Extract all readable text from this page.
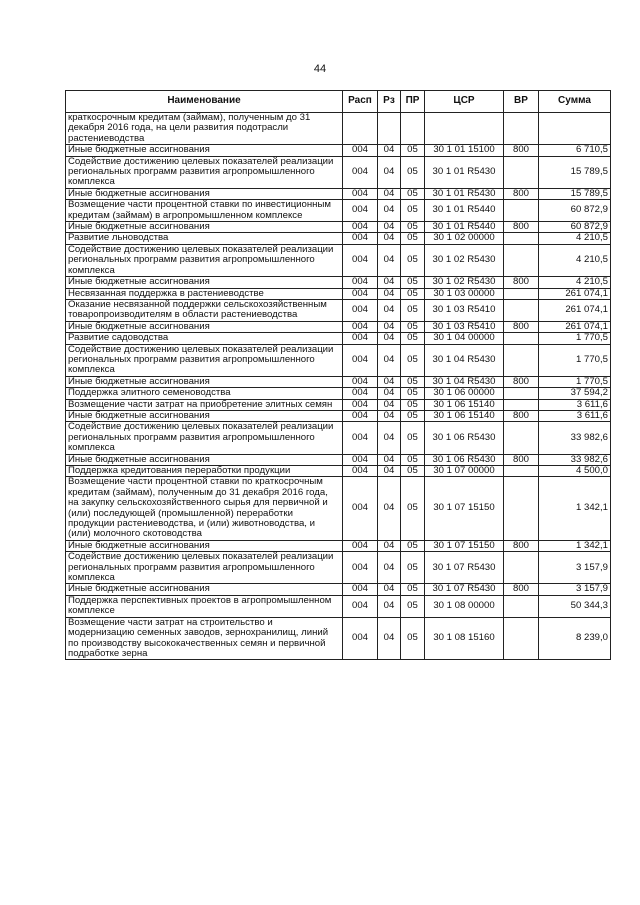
44
Наименование	Расп	Рз	ПР	ЦСР	ВР	Сумма
краткосрочным кредитам (займам), полученным до 31 декабря 2016 года, на цели развития подотрасли растениеводства						
Иные бюджетные ассигнования	004	04	05	30 1 01 15100	800	6 710,5
Содействие достижению целевых показателей реализации региональных программ развития агропромышленного комплекса	004	04	05	30 1 01 R5430		15 789,5
Иные бюджетные ассигнования	004	04	05	30 1 01 R5430	800	15 789,5
Возмещение части процентной ставки по инвестиционным кредитам (займам) в агропромышленном комплексе	004	04	05	30 1 01 R5440		60 872,9
Иные бюджетные ассигнования	004	04	05	30 1 01 R5440	800	60 872,9
Развитие льноводства	004	04	05	30 1 02 00000		4 210,5
Содействие достижению целевых показателей реализации региональных программ развития агропромышленного комплекса	004	04	05	30 1 02 R5430		4 210,5
Иные бюджетные ассигнования	004	04	05	30 1 02 R5430	800	4 210,5
Несвязанная поддержка в растениеводстве	004	04	05	30 1 03 00000		261 074,1
Оказание несвязанной поддержки сельскохозяйственным товаропроизводителям в области растениеводства	004	04	05	30 1 03 R5410		261 074,1
Иные бюджетные ассигнования	004	04	05	30 1 03 R5410	800	261 074,1
Развитие садоводства	004	04	05	30 1 04 00000		1 770,5
Содействие достижению целевых показателей реализации региональных программ развития агропромышленного комплекса	004	04	05	30 1 04 R5430		1 770,5
Иные бюджетные ассигнования	004	04	05	30 1 04 R5430	800	1 770,5
Поддержка элитного семеноводства	004	04	05	30 1 06 00000		37 594,2
Возмещение части затрат на приобретение элитных семян	004	04	05	30 1 06 15140		3 611,6
Иные бюджетные ассигнования	004	04	05	30 1 06 15140	800	3 611,6
Содействие достижению целевых показателей реализации региональных программ развития агропромышленного комплекса	004	04	05	30 1 06 R5430		33 982,6
Иные бюджетные ассигнования	004	04	05	30 1 06 R5430	800	33 982,6
Поддержка кредитования переработки продукции	004	04	05	30 1 07 00000		4 500,0
Возмещение части процентной ставки по краткосрочным кредитам (займам), полученным до 31 декабря 2016 года, на закупку сельскохозяйственного сырья для первичной и (или) последующей (промышленной) переработки продукции растениеводства, и (или) животноводства, и (или) молочного скотоводства	004	04	05	30 1 07 15150		1 342,1
Иные бюджетные ассигнования	004	04	05	30 1 07 15150	800	1 342,1
Содействие достижению целевых показателей реализации региональных программ развития агропромышленного комплекса	004	04	05	30 1 07 R5430		3 157,9
Иные бюджетные ассигнования	004	04	05	30 1 07 R5430	800	3 157,9
Поддержка перспективных проектов в агропромышленном комплексе	004	04	05	30 1 08 00000		50 344,3
Возмещение части затрат на строительство и модернизацию семенных заводов, зернохранилищ, линий по производству высококачественных семян и первичной подработке зерна	004	04	05	30 1 08 15160		8 239,0
